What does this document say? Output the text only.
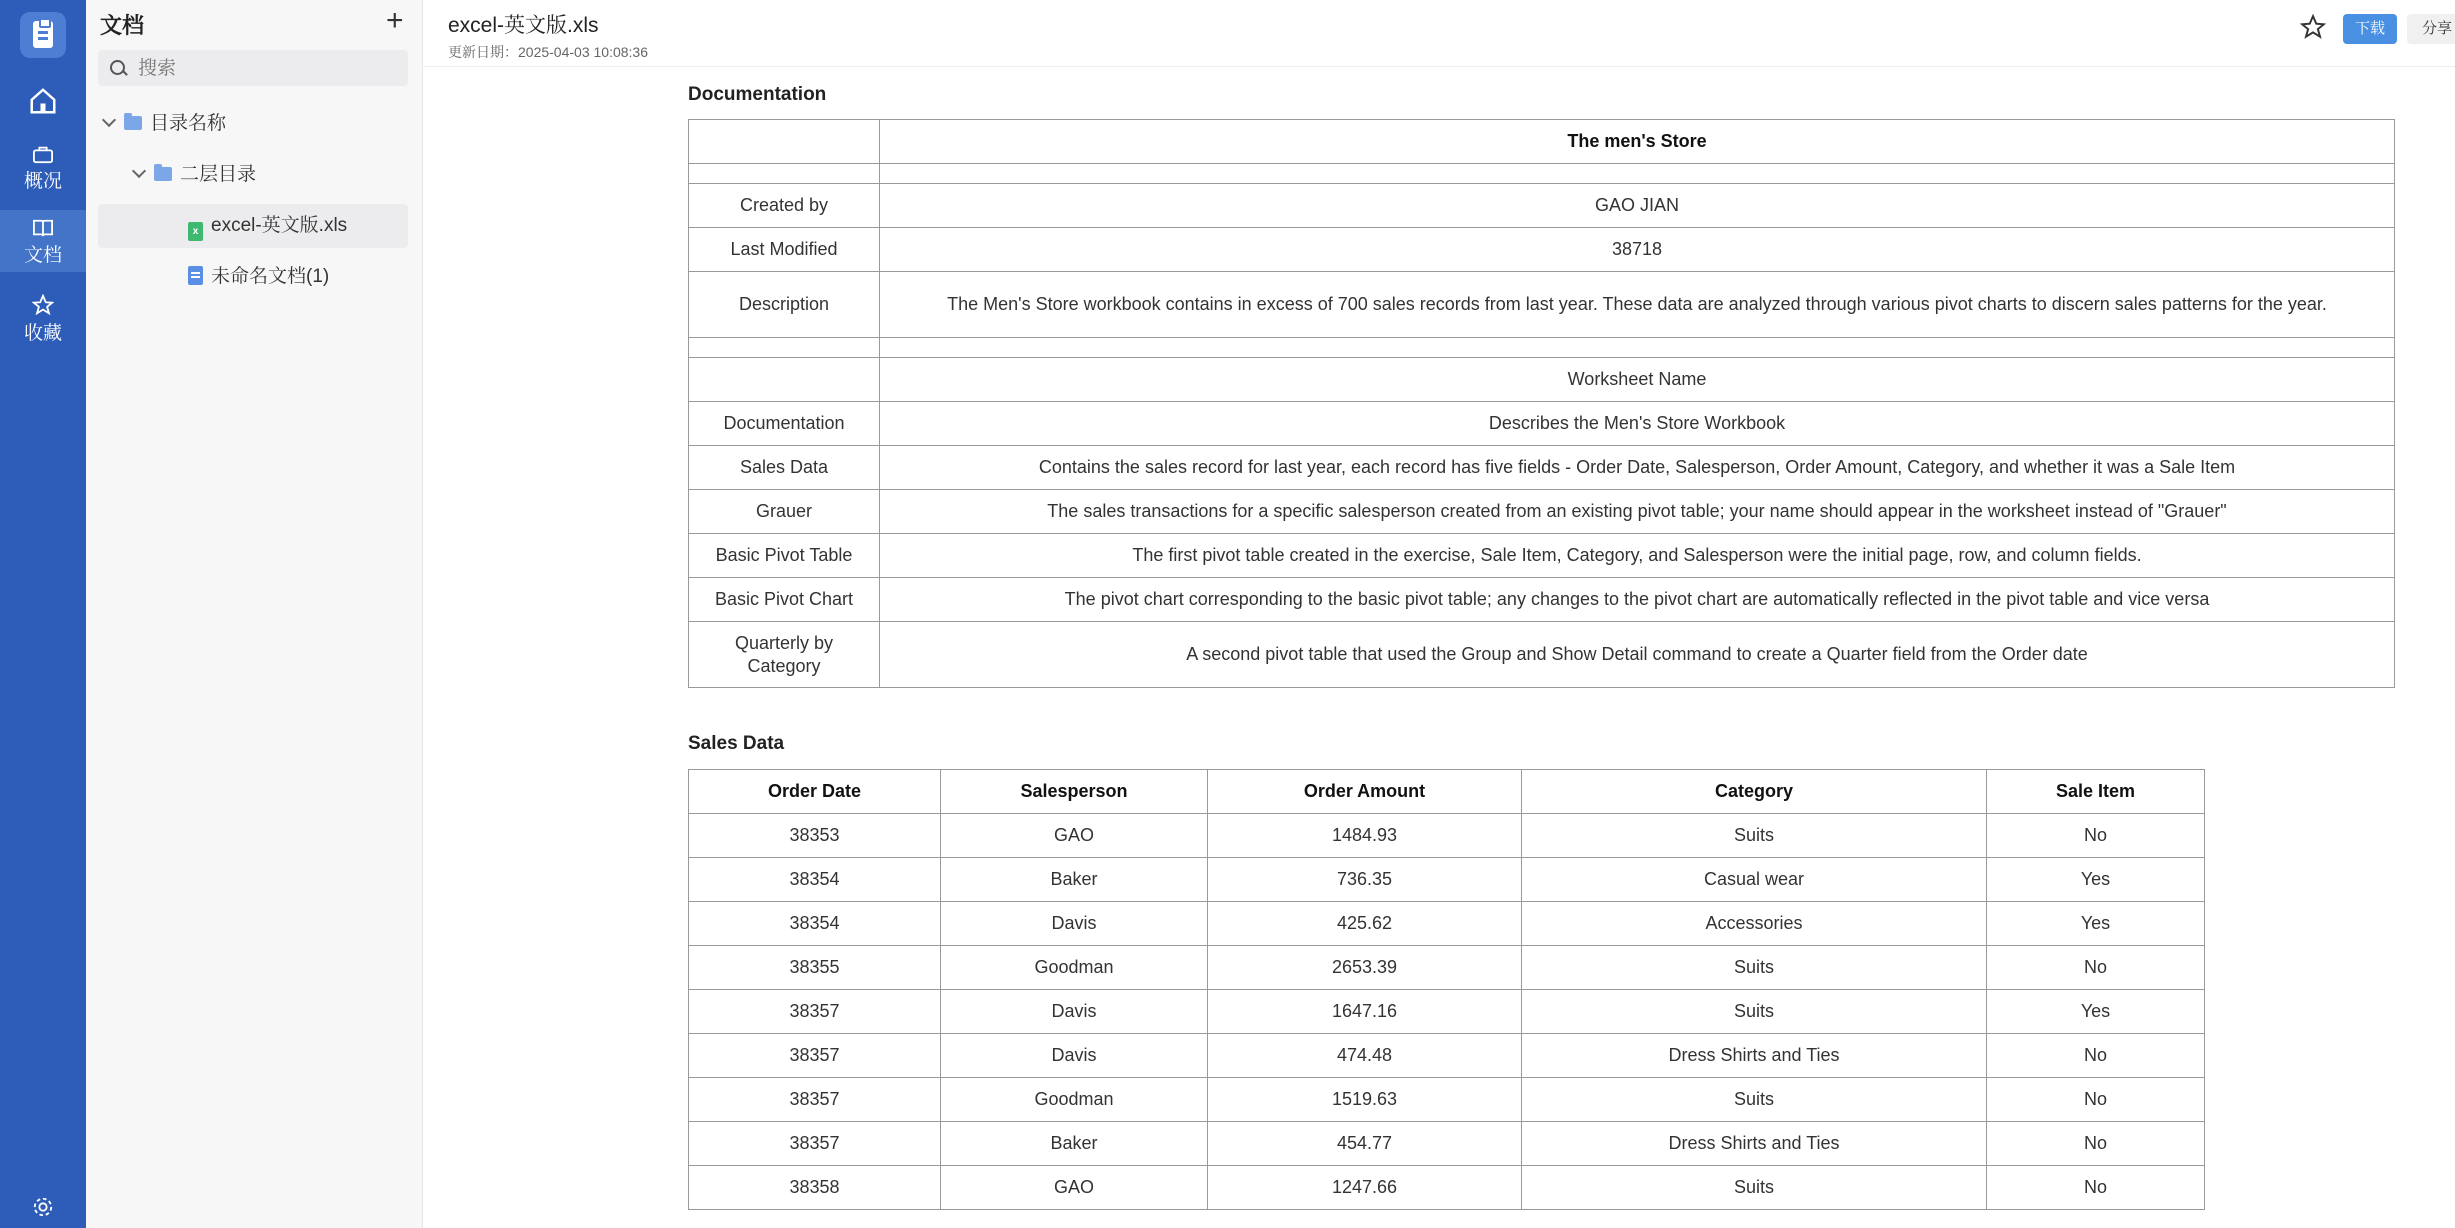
概况
文档
收藏
文档	+
搜索
目录名称
二层目录
x excel-英文版.xls
未命名文档(1)
excel-英文版.xls
更新日期：2025-04-03 10:08:36
下载	分享
Documentation
	The men's Store

Created by	GAO JIAN
Last Modified	38718
Description	The Men's Store workbook contains in excess of 700 sales records from last year. These data are analyzed through various pivot charts to discern sales patterns for the year.

	Worksheet Name
Documentation	Describes the Men's Store Workbook
Sales Data	Contains the sales record for last year, each record has five fields - Order Date, Salesperson, Order Amount, Category, and whether it was a Sale Item
Grauer	The sales transactions for a specific salesperson created from an existing pivot table; your name should appear in the worksheet instead of "Grauer"
Basic Pivot Table	The first pivot table created in the exercise, Sale Item, Category, and Salesperson were the initial page, row, and column fields.
Basic Pivot Chart	The pivot chart corresponding to the basic pivot table; any changes to the pivot chart are automatically reflected in the pivot table and vice versa
Quarterly by Category	A second pivot table that used the Group and Show Detail command to create a Quarter field from the Order date
Sales Data
Order Date	Salesperson	Order Amount	Category	Sale Item
38353	GAO	1484.93	Suits	No
38354	Baker	736.35	Casual wear	Yes
38354	Davis	425.62	Accessories	Yes
38355	Goodman	2653.39	Suits	No
38357	Davis	1647.16	Suits	Yes
38357	Davis	474.48	Dress Shirts and Ties	No
38357	Goodman	1519.63	Suits	No
38357	Baker	454.77	Dress Shirts and Ties	No
38358	GAO	1247.66	Suits	No
